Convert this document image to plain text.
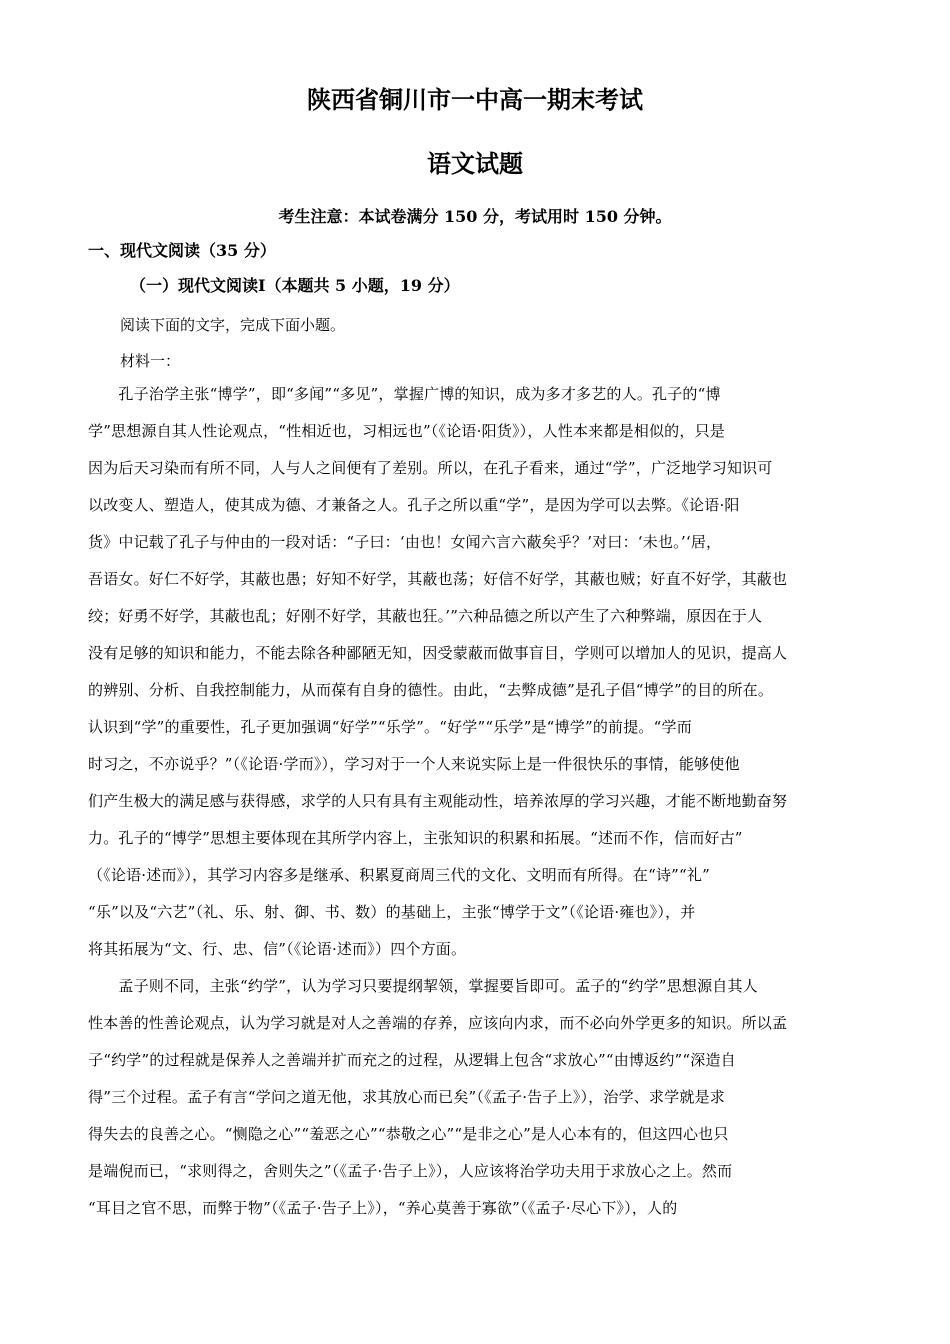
陕西省铜川市一中高一期末考试
语文试题
考生注意：本试卷满分 150 分，考试用时 150 分钟。
一、现代文阅读（35 分）
（一）现代文阅读Ⅰ（本题共 5 小题，19 分）
阅读下面的文字，完成下面小题。
材料一：
　　孔子治学主张“博学”，即“多闻”“多见”，掌握广博的知识，成为多才多艺的人。孔子的“博
学”思想源自其人性论观点，“性相近也，习相远也”（《论语·阳货》），人性本来都是相似的，只是
因为后天习染而有所不同，人与人之间便有了差别。所以，在孔子看来，通过“学”，广泛地学习知识可
以改变人、塑造人，使其成为德、才兼备之人。孔子之所以重“学”，是因为学可以去弊。《论语·阳
货》中记载了孔子与仲由的一段对话：“子曰：‘由也！女闻六言六蔽矣乎？’对曰：‘未也。’‘居，
吾语女。好仁不好学，其蔽也愚；好知不好学，其蔽也荡；好信不好学，其蔽也贼；好直不好学，其蔽也
绞；好勇不好学，其蔽也乱；好刚不好学，其蔽也狂。’”六种品德之所以产生了六种弊端，原因在于人
没有足够的知识和能力，不能去除各种鄙陋无知，因受蒙蔽而做事盲目，学则可以增加人的见识，提高人
的辨别、分析、自我控制能力，从而葆有自身的德性。由此，“去弊成德”是孔子倡“博学”的目的所在。
认识到“学”的重要性，孔子更加强调“好学”“乐学”。“好学”“乐学”是“博学”的前提。“学而
时习之，不亦说乎？”（《论语·学而》），学习对于一个人来说实际上是一件很快乐的事情，能够使他
们产生极大的满足感与获得感，求学的人只有具有主观能动性，培养浓厚的学习兴趣，才能不断地勤奋努
力。孔子的“博学”思想主要体现在其所学内容上，主张知识的积累和拓展。“述而不作，信而好古”
（《论语·述而》），其学习内容多是继承、积累夏商周三代的文化、文明而有所得。在“诗”“礼”
“乐”以及“六艺”（礼、乐、射、御、书、数）的基础上，主张“博学于文”（《论语·雍也》），并
将其拓展为“文、行、忠、信”（《论语·述而》）四个方面。
　　孟子则不同，主张“约学”，认为学习只要提纲挈领，掌握要旨即可。孟子的“约学”思想源自其人
性本善的性善论观点，认为学习就是对人之善端的存养，应该向内求，而不必向外学更多的知识。所以孟
子“约学”的过程就是保养人之善端并扩而充之的过程，从逻辑上包含“求放心”“由博返约”“深造自
得”三个过程。孟子有言“学问之道无他，求其放心而已矣”（《孟子·告子上》），治学、求学就是求
得失去的良善之心。“恻隐之心”“羞恶之心”“恭敬之心”“是非之心”是人心本有的，但这四心也只
是端倪而已，“求则得之，舍则失之”（《孟子·告子上》），人应该将治学功夫用于求放心之上。然而
“耳目之官不思，而弊于物”（《孟子·告子上》），“养心莫善于寡欲”（《孟子·尽心下》），人的
